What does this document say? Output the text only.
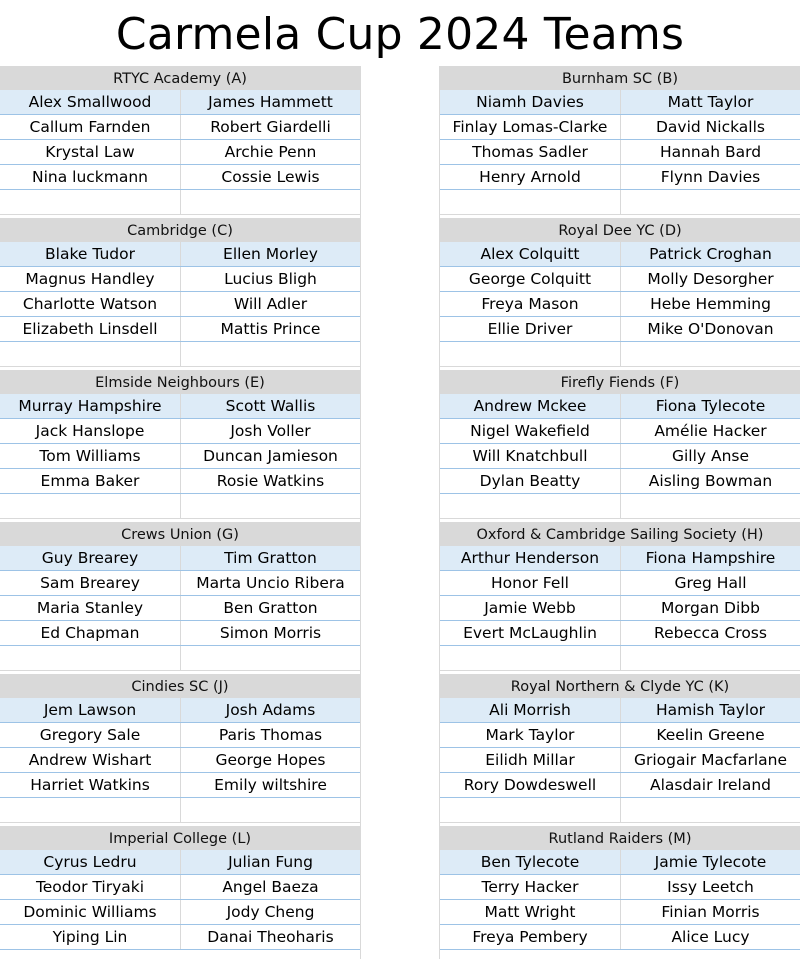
Carmela Cup 2024 Teams
RTYC Academy (A)
Alex Smallwood	James Hammett
Callum Farnden	Robert Giardelli
Krystal Law	Archie Penn
Nina luckmann	Cossie Lewis
Burnham SC (B)
Niamh Davies	Matt Taylor
Finlay Lomas-Clarke	David Nickalls
Thomas Sadler	Hannah Bard
Henry Arnold	Flynn Davies
Cambridge (C)
Blake Tudor	Ellen Morley
Magnus Handley	Lucius Bligh
Charlotte Watson	Will Adler
Elizabeth Linsdell	Mattis Prince
Royal Dee YC (D)
Alex Colquitt	Patrick Croghan
George Colquitt	Molly Desorgher
Freya Mason	Hebe Hemming
Ellie Driver	Mike O'Donovan
Elmside Neighbours (E)
Murray Hampshire	Scott Wallis
Jack Hanslope	Josh Voller
Tom Williams	Duncan Jamieson
Emma Baker	Rosie Watkins
Firefly Fiends (F)
Andrew Mckee	Fiona Tylecote
Nigel Wakefield	Amélie Hacker
Will Knatchbull	Gilly Anse
Dylan Beatty	Aisling Bowman
Crews Union (G)
Guy Brearey	Tim Gratton
Sam Brearey	Marta Uncio Ribera
Maria Stanley	Ben Gratton
Ed Chapman	Simon Morris
Oxford & Cambridge Sailing Society (H)
Arthur Henderson	Fiona Hampshire
Honor Fell	Greg Hall
Jamie Webb	Morgan Dibb
Evert McLaughlin	Rebecca Cross
Cindies SC (J)
Jem Lawson	Josh Adams
Gregory Sale	Paris Thomas
Andrew Wishart	George Hopes
Harriet Watkins	Emily wiltshire
Royal Northern & Clyde YC (K)
Ali Morrish	Hamish Taylor
Mark Taylor	Keelin Greene
Eilidh Millar	Griogair Macfarlane
Rory Dowdeswell	Alasdair Ireland
Imperial College (L)
Cyrus Ledru	Julian Fung
Teodor Tiryaki	Angel Baeza
Dominic Williams	Jody Cheng
Yiping Lin	Danai Theoharis
Rutland Raiders (M)
Ben Tylecote	Jamie Tylecote
Terry Hacker	Issy Leetch
Matt Wright	Finian Morris
Freya Pembery	Alice Lucy
